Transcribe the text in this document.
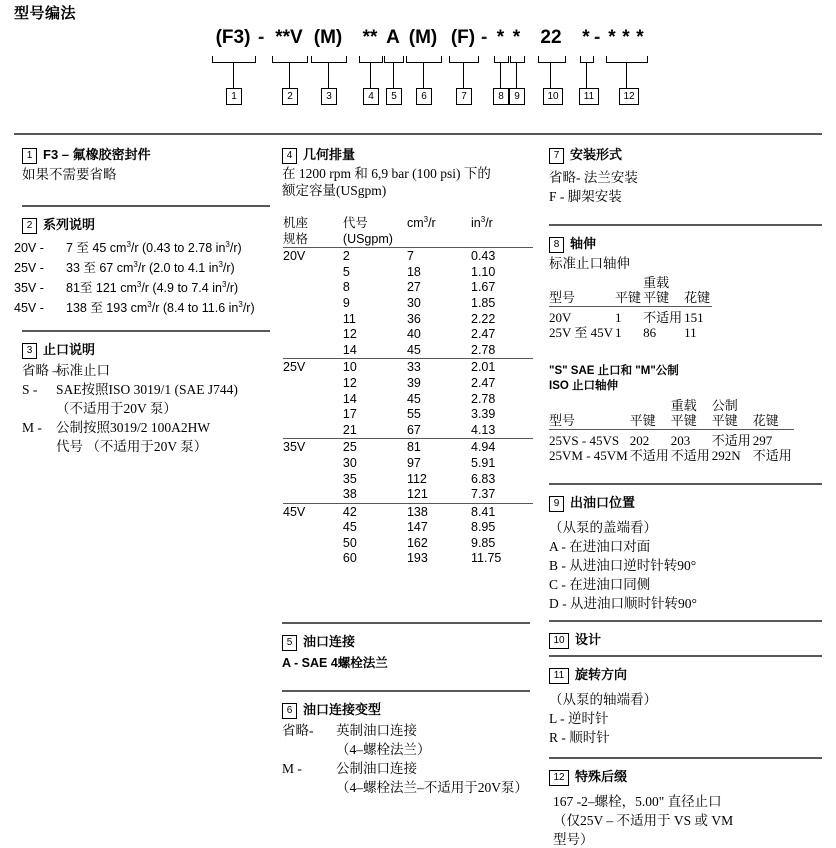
型号编法
(F3) - **V (M) ** A (M) (F) - * * 22 * - * * *
1	2	3	4	5	6	7	8	9	10	11	12
1 F3 – 氟橡胶密封件
如果不需要省略
2 系列说明
20V - 7 至 45 $cm^3/r$ (0.43 to 2.78 $in^3/r$)
25V - 33 至 67 $cm^3/r$ (2.0 to 4.1 $in^3/r$)
35V - 81至 121 $cm^3/r$ (4.9 to 7.4 $in^3/r$)
45V - 138 至 193 $cm^3/r$ (8.4 to 11.6 $in^3/r$)
3 止口说明
省略 –标准止口
S - SAE按照ISO 3019/1 (SAE J744)
（不适用于20V 泵）
M - 公制按照3019/2 100A2HW
代号 （不适用于20V 泵）
4 几何排量
在 1200 rpm 和 6,9 bar (100 psi) 下的
额定容量(USgpm)
机座	代号	$cm^3/r$	$in^3/r$
规格	(USgpm)		
20V	2	7	0.43
	5	18	1.10
	8	27	1.67
	9	30	1.85
	11	36	2.22
	12	40	2.47
	14	45	2.78
25V	10	33	2.01
	12	39	2.47
	14	45	2.78
	17	55	3.39
	21	67	4.13
35V	25	81	4.94
	30	97	5.91
	35	112	6.83
	38	121	7.37
45V	42	138	8.41
	45	147	8.95
	50	162	9.85
	60	193	11.75
5 油口连接
A - SAE 4螺栓法兰
6 油口连接变型
省略- 英制油口连接
（4–螺栓法兰）
M -	公制油口连接
（4–螺栓法兰–不适用于20V泵）
7 安装形式
省略- 法兰安装
F - 脚架安装
8 轴伸
标准止口轴伸
		重载	
型号	平键	平键	花键
20V	1	不适用	151
25V 至 45V	1	86	11
"S" SAE 止口和 "M"公制
ISO 止口轴伸
		重载	公制	
型号	平键	平键	平键	花键
25VS - 45VS	202	203	不适用	297
25VM - 45VM	不适用	不适用	292N	不适用
9 出油口位置
（从泵的盖端看）
A - 在进油口对面
B - 从进油口逆时针转90°
C - 在进油口同侧
D - 从进油口顺时针转90°
10 设计
11 旋转方向
（从泵的轴端看）
L - 逆时针
R - 顺时针
12 特殊后缀
167 -2–螺栓，5.00" 直径止口
（仅25V – 不适用于 VS 或 VM
型号）
